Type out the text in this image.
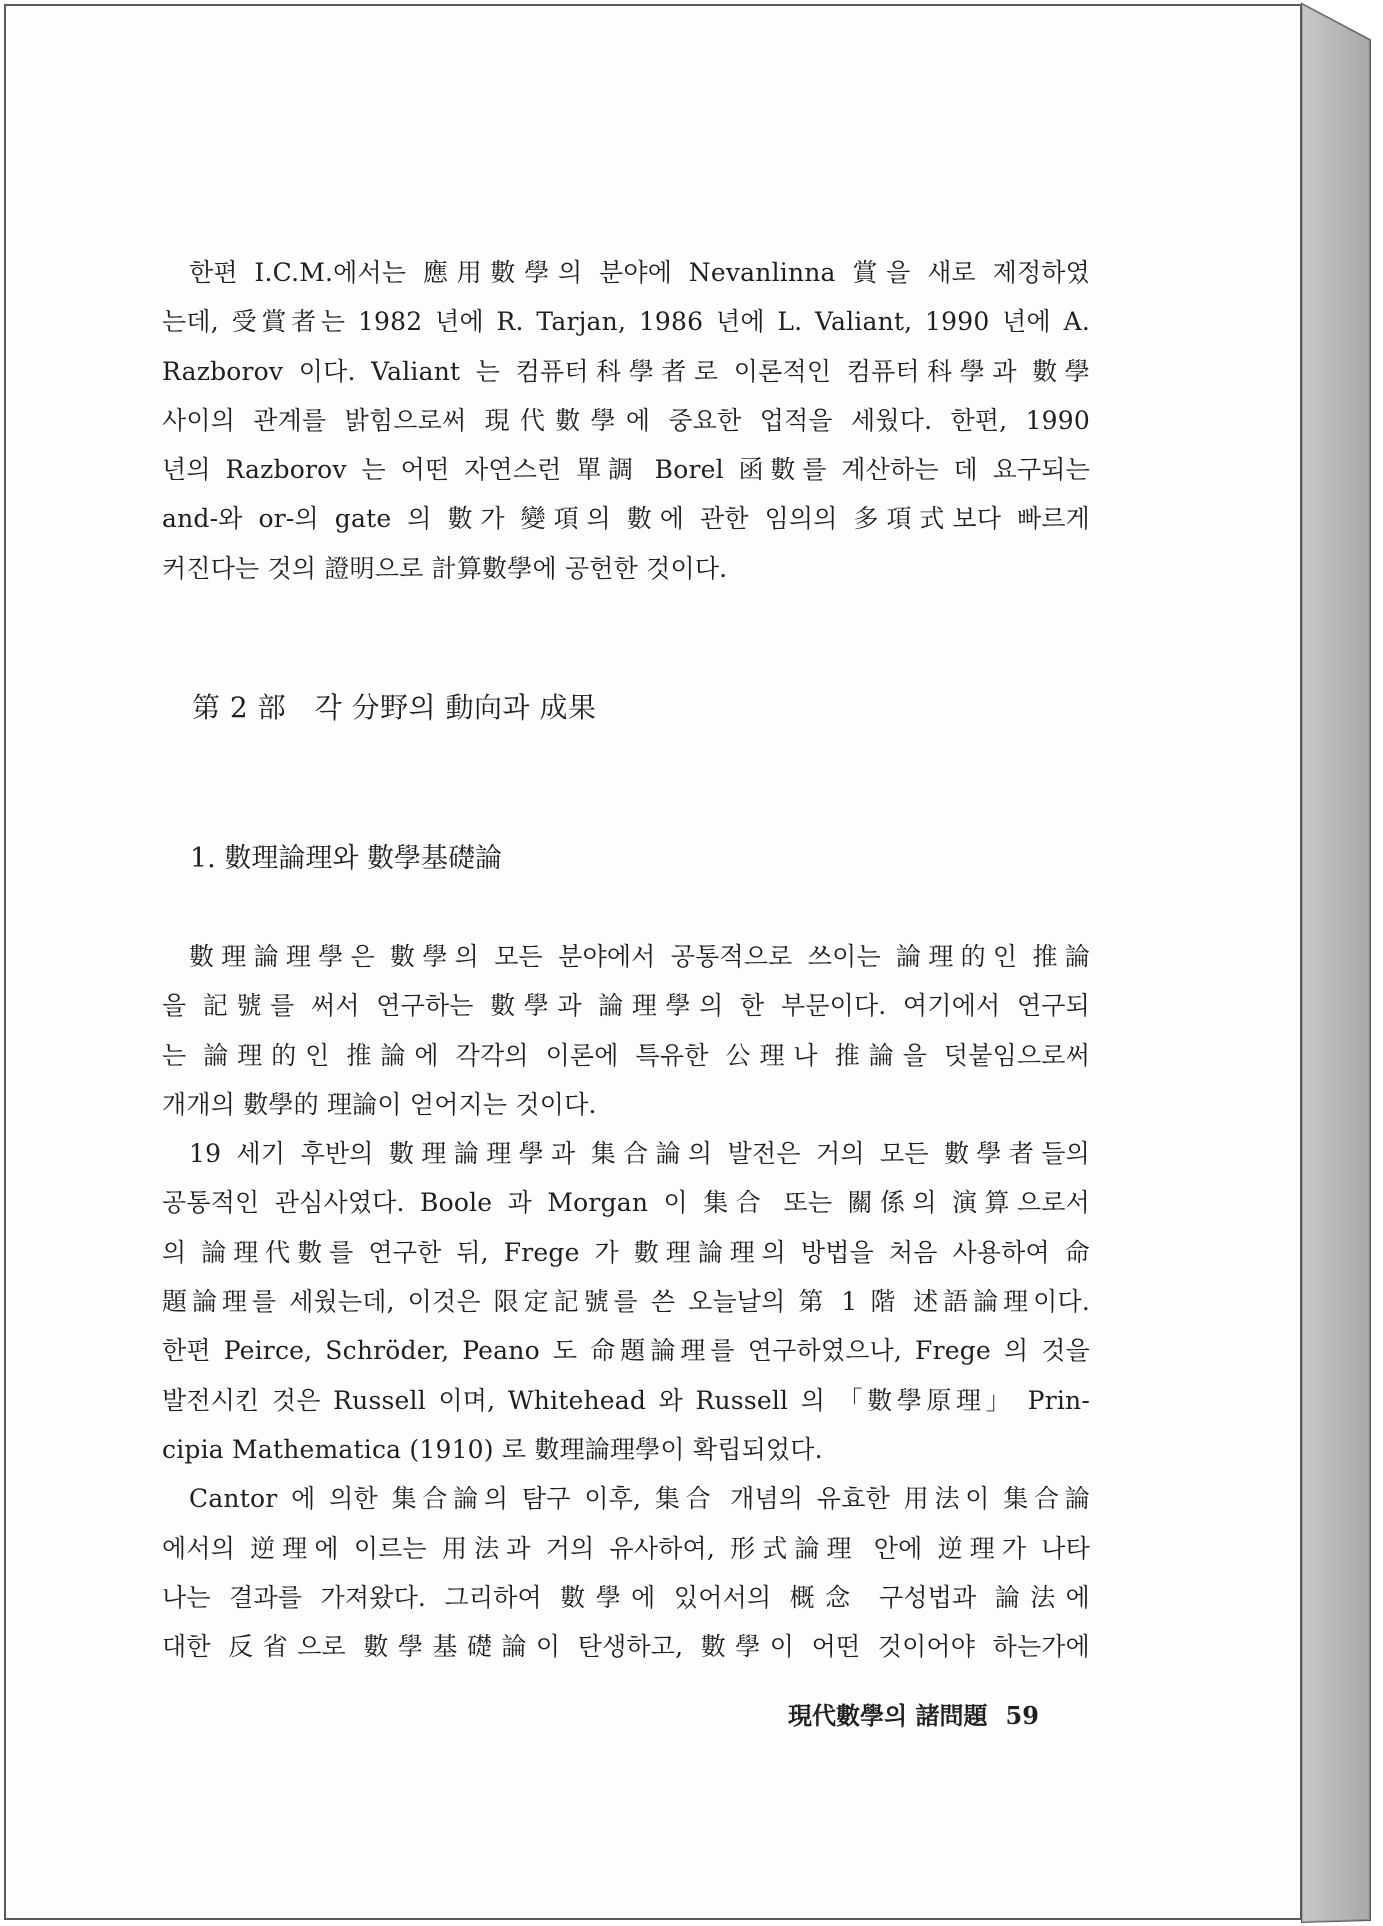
한편 I.C.M.에서는 應用數學의 분야에 Nevanlinna 賞을 새로 제정하였
는데, 受賞者는 1982 년에 R. Tarjan, 1986 년에 L. Valiant, 1990 년에 A.
Razborov 이다. Valiant 는 컴퓨터科學者로 이론적인 컴퓨터科學과 數學
사이의 관계를 밝힘으로써 現代數學에 중요한 업적을 세웠다. 한편, 1990
년의 Razborov 는 어떤 자연스런 單調 Borel 函數를 계산하는 데 요구되는
and-와 or-의 gate 의 數가 變項의 數에 관한 임의의 多項式보다 빠르게
커진다는 것의 證明으로 計算數學에 공헌한 것이다.

第 2 部　각 分野의 動向과 成果
1. 數理論理와 數學基礎論

數理論理學은 數學의 모든 분야에서 공통적으로 쓰이는 論理的인 推論
을 記號를 써서 연구하는 數學과 論理學의 한 부문이다. 여기에서 연구되
는 論理的인 推論에 각각의 이론에 특유한 公理나 推論을 덧붙임으로써
개개의 數學的 理論이 얻어지는 것이다.

19 세기 후반의 數理論理學과 集合論의 발전은 거의 모든 數學者들의
공통적인 관심사였다. Boole 과 Morgan 이 集合 또는 關係의 演算으로서
의 論理代數를 연구한 뒤, Frege 가 數理論理의 방법을 처음 사용하여 命
題論理를 세웠는데, 이것은 限定記號를 쓴 오늘날의 第 1 階 述語論理이다.
한편 Peirce, Schröder, Peano 도 命題論理를 연구하였으나, Frege 의 것을
발전시킨 것은 Russell 이며, Whitehead 와 Russell 의 「數學原理」 Prin-
cipia Mathematica (1910) 로 數理論理學이 확립되었다.

Cantor 에 의한 集合論의 탐구 이후, 集合 개념의 유효한 用法이 集合論
에서의 逆理에 이르는 用法과 거의 유사하여, 形式論理 안에 逆理가 나타
나는 결과를 가져왔다. 그리하여 數學에 있어서의 概念 구성법과 論法에
대한 反省으로 數學基礎論이 탄생하고, 數學이 어떤 것이어야 하는가에

現代數學의 諸問題 59
